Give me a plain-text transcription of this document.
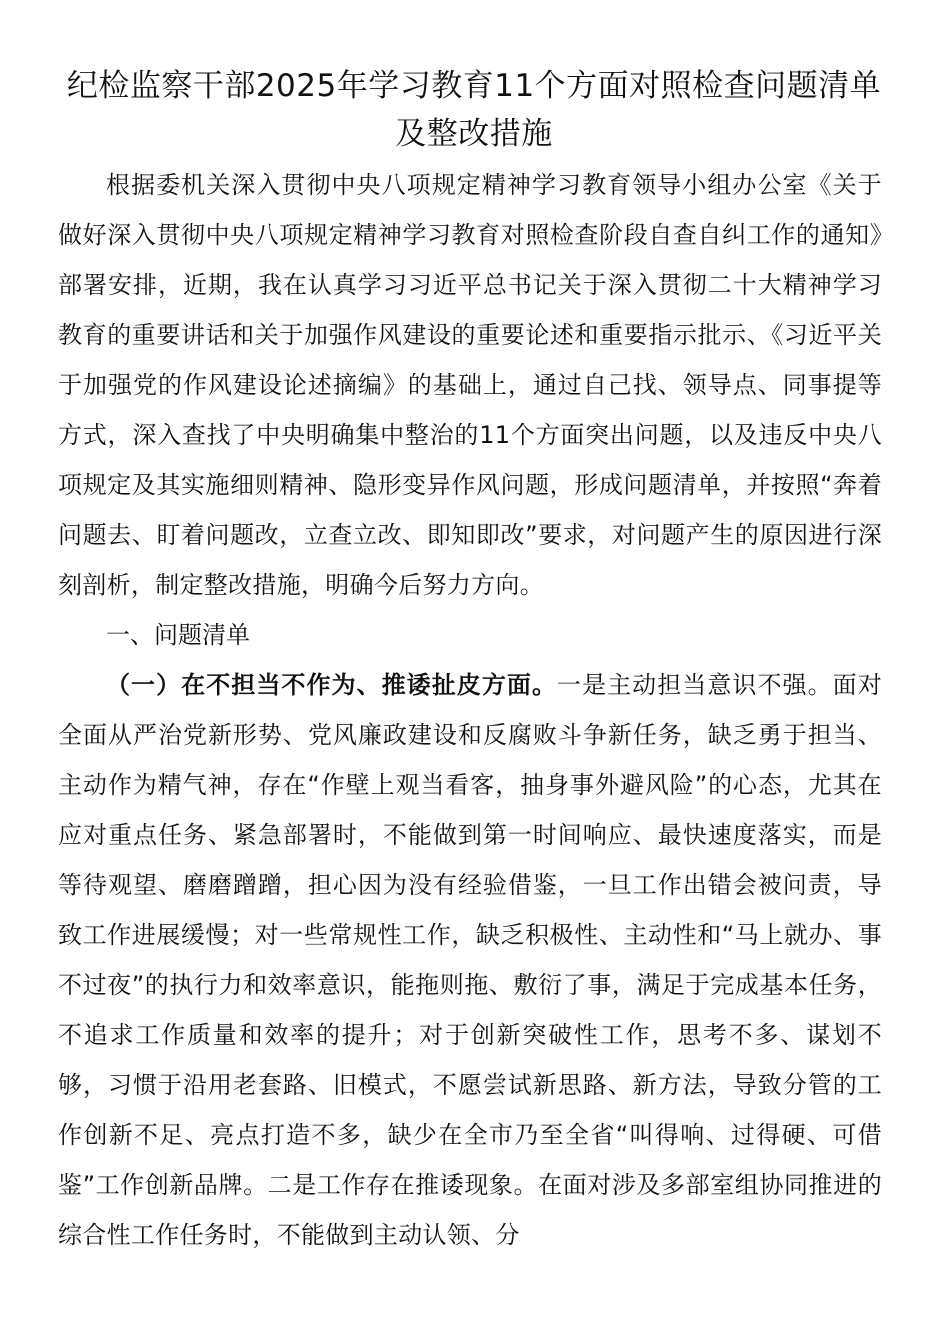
纪检监察干部2025年学习教育11个方面对照检查问题清单及整改措施

根据委机关深入贯彻中央八项规定精神学习教育领导小组办公室《关于做好深入贯彻中央八项规定精神学习教育对照检查阶段自查自纠工作的通知》部署安排，近期，我在认真学习习近平总书记关于深入贯彻二十大精神学习教育的重要讲话和关于加强作风建设的重要论述和重要指示批示、《习近平关于加强党的作风建设论述摘编》的基础上，通过自己找、领导点、同事提等方式，深入查找了中央明确集中整治的11个方面突出问题，以及违反中央八项规定及其实施细则精神、隐形变异作风问题，形成问题清单，并按照“奔着问题去、盯着问题改，立查立改、即知即改”要求，对问题产生的原因进行深刻剖析，制定整改措施，明确今后努力方向。

一、问题清单

（一）在不担当不作为、推诿扯皮方面。一是主动担当意识不强。面对全面从严治党新形势、党风廉政建设和反腐败斗争新任务，缺乏勇于担当、主动作为精气神，存在“作壁上观当看客，抽身事外避风险”的心态，尤其在应对重点任务、紧急部署时，不能做到第一时间响应、最快速度落实，而是等待观望、磨磨蹭蹭，担心因为没有经验借鉴，一旦工作出错会被问责，导致工作进展缓慢；对一些常规性工作，缺乏积极性、主动性和“马上就办、事不过夜”的执行力和效率意识，能拖则拖、敷衍了事，满足于完成基本任务，不追求工作质量和效率的提升；对于创新突破性工作，思考不多、谋划不够，习惯于沿用老套路、旧模式，不愿尝试新思路、新方法，导致分管的工作创新不足、亮点打造不多，缺少在全市乃至全省“叫得响、过得硬、可借鉴”工作创新品牌。二是工作存在推诿现象。在面对涉及多部室组协同推进的综合性工作任务时，不能做到主动认领、分
